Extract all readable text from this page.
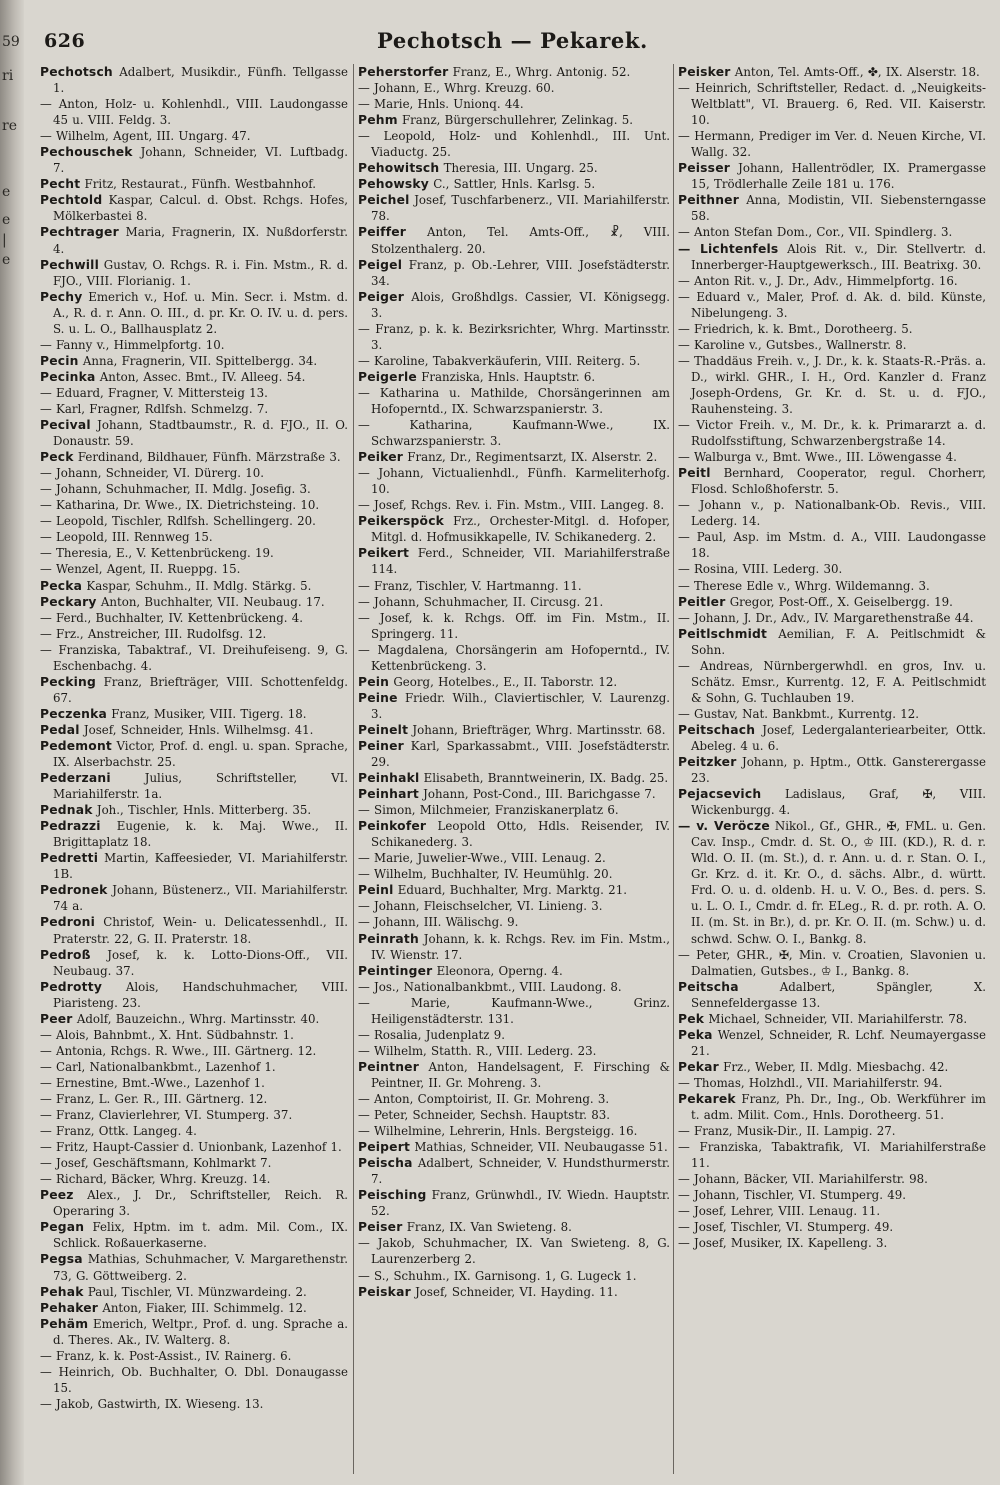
59
ri
re
e
e
|
e
626	Pechotsch — Pekarek.

Pechotsch Adalbert, Musikdir., Fünfh. Tellgasse 1.

— Anton, Holz- u. Kohlenhdl., VIII. Laudongasse 45 u. VIII. Feldg. 3.

— Wilhelm, Agent, III. Ungarg. 47.

Pechouschek Johann, Schneider, VI. Luftbadg. 7.

Pecht Fritz, Restaurat., Fünfh. Westbahnhof.

Pechtold Kaspar, Calcul. d. Obst. Rchgs. Hofes, Mölkerbastei 8.

Pechtrager Maria, Fragnerin, IX. Nußdorferstr. 4.

Pechwill Gustav, O. Rchgs. R. i. Fin. Mstm., R. d. FJO., VIII. Florianig. 1.

Pechy Emerich v., Hof. u. Min. Secr. i. Mstm. d. A., R. d. r. Ann. O. III., d. pr. Kr. O. IV. u. d. pers. S. u. L. O., Ballhausplatz 2.

— Fanny v., Himmelpfortg. 10.

Pecin Anna, Fragnerin, VII. Spittelbergg. 34.

Pecinka Anton, Assec. Bmt., IV. Alleeg. 54.

— Eduard, Fragner, V. Mittersteig 13.

— Karl, Fragner, Rdlfsh. Schmelzg. 7.

Pecival Johann, Stadtbaumstr., R. d. FJO., II. O. Donaustr. 59.

Peck Ferdinand, Bildhauer, Fünfh. Märzstraße 3.

— Johann, Schneider, VI. Dürerg. 10.

— Johann, Schuhmacher, II. Mdlg. Josefig. 3.

— Katharina, Dr. Wwe., IX. Dietrichsteing. 10.

— Leopold, Tischler, Rdlfsh. Schellingerg. 20.

— Leopold, III. Rennweg 15.

— Theresia, E., V. Kettenbrückeng. 19.

— Wenzel, Agent, II. Rueppg. 15.

Pecka Kaspar, Schuhm., II. Mdlg. Stärkg. 5.

Peckary Anton, Buchhalter, VII. Neubaug. 17.

— Ferd., Buchhalter, IV. Kettenbrückeng. 4.

— Frz., Anstreicher, III. Rudolfsg. 12.

— Franziska, Tabaktraf., VI. Dreihufeiseng. 9, G. Eschenbachg. 4.

Pecking Franz, Briefträger, VIII. Schottenfeldg. 67.

Peczenka Franz, Musiker, VIII. Tigerg. 18.

Pedal Josef, Schneider, Hnls. Wilhelmsg. 41.

Pedemont Victor, Prof. d. engl. u. span. Sprache, IX. Alserbachstr. 25.

Pederzani	Julius, Schriftsteller, VI. Mariahilferstr. 1a.

Pednak Joh., Tischler, Hnls. Mitterberg. 35.

Pedrazzi Eugenie, k. k. Maj. Wwe., II. Brigittaplatz 18.

Pedretti Martin, Kaffeesieder, VI. Mariahilferstr. 1B.

Pedronek Johann, Büstenerz., VII. Mariahilferstr. 74 a.

Pedroni Christof, Wein- u. Delicatessenhdl., II. Praterstr. 22, G. II. Praterstr. 18.

Pedroß Josef, k. k. Lotto-Dions-Off., VII. Neubaug. 37.

Pedrotty Alois, Handschuhmacher, VIII. Piaristeng. 23.

Peer Adolf, Bauzeichn., Whrg. Martinsstr. 40.

— Alois, Bahnbmt., X. Hnt. Südbahnstr. 1.

— Antonia, Rchgs. R. Wwe., III. Gärtnerg. 12.

— Carl, Nationalbankbmt., Lazenhof 1.

— Ernestine, Bmt.-Wwe., Lazenhof 1.

— Franz, L. Ger. R., III. Gärtnerg. 12.

— Franz, Clavierlehrer, VI. Stumperg. 37.

— Franz, Ottk. Langeg. 4.

— Fritz, Haupt-Cassier d. Unionbank, Lazenhof 1.

— Josef, Geschäftsmann, Kohlmarkt 7.

— Richard, Bäcker, Whrg. Kreuzg. 14.

Peez Alex., J. Dr., Schriftsteller, Reich. R. Operaring 3.

Pegan Felix, Hptm. im t. adm. Mil. Com., IX. Schlick. Roßauerkaserne.

Pegsa Mathias, Schuhmacher, V. Margarethenstr. 73, G. Göttweiberg. 2.

Pehak Paul, Tischler, VI. Münzwardeing. 2.

Pehaker Anton, Fiaker, III. Schimmelg. 12.

Pehäm Emerich, Weltpr., Prof. d. ung. Sprache a. d. Theres. Ak., IV. Walterg. 8.

— Franz, k. k. Post-Assist., IV. Rainerg. 6.

— Heinrich, Ob. Buchhalter, O. Dbl. Donaugasse 15.

— Jakob, Gastwirth, IX. Wieseng. 13.

Peherstorfer Franz, E., Whrg. Antonig. 52.

— Johann, E., Whrg. Kreuzg. 60.

— Marie, Hnls. Unionq. 44.

Pehm Franz, Bürgerschullehrer, Zelinkag. 5.

— Leopold, Holz- und Kohlenhdl., III. Unt. Viaductg. 25.

Pehowitsch Theresia, III. Ungarg. 25.

Pehowsky C., Sattler, Hnls. Karlsg. 5.

Peichel Josef, Tuschfarbenerz., VII. Mariahilferstr. 78.

Peiffer Anton, Tel. Amts-Off., ☧, VIII. Stolzenthalerg. 20.

Peigel Franz, p. Ob.-Lehrer, VIII. Josefstädterstr. 34.

Peiger Alois, Großhdlgs. Cassier, VI. Königsegg. 3.

— Franz, p. k. k. Bezirksrichter, Whrg. Martinsstr. 3.

— Karoline, Tabakverkäuferin, VIII. Reiterg. 5.

Peigerle Franziska, Hnls. Hauptstr. 6.

— Katharina u. Mathilde, Chorsängerinnen am Hofoperntd., IX. Schwarzspanierstr. 3.

— Katharina, Kaufmann-Wwe., IX. Schwarzspanierstr. 3.

Peiker Franz, Dr., Regimentsarzt, IX. Alserstr. 2.

— Johann, Victualienhdl., Fünfh. Karmeliterhofg. 10.

— Josef, Rchgs. Rev. i. Fin. Mstm., VIII. Langeg. 8.

Peikerspöck Frz., Orchester-Mitgl. d. Hofoper, Mitgl. d. Hofmusikkapelle, IV. Schikanederg. 2.

Peikert Ferd., Schneider, VII. Mariahilferstraße 114.

— Franz, Tischler, V. Hartmanng. 11.

— Johann, Schuhmacher, II. Circusg. 21.

— Josef, k. k. Rchgs. Off. im Fin. Mstm., II. Springerg. 11.

— Magdalena, Chorsängerin am Hofoperntd., IV. Kettenbrückeng. 3.

Pein Georg, Hotelbes., E., II. Taborstr. 12.

Peine Friedr. Wilh., Claviertischler, V. Laurenzg. 3.

Peinelt Johann, Briefträger, Whrg. Martinsstr. 68.

Peiner Karl, Sparkassabmt., VIII. Josefstädterstr. 29.

Peinhakl Elisabeth, Branntweinerin, IX. Badg. 25.

Peinhart Johann, Post-Cond., III. Barichgasse 7.

— Simon, Milchmeier, Franziskanerplatz 6.

Peinkofer Leopold Otto, Hdls. Reisender, IV. Schikanederg. 3.

— Marie, Juwelier-Wwe., VIII. Lenaug. 2.

— Wilhelm, Buchhalter, IV. Heumühlg. 20.

Peinl Eduard, Buchhalter, Mrg. Marktg. 21.

— Johann, Fleischselcher, VI. Linieng. 3.

— Johann, III. Wälischg. 9.

Peinrath Johann, k. k. Rchgs. Rev. im Fin. Mstm., IV. Wienstr. 17.

Peintinger Eleonora, Operng. 4.

— Jos., Nationalbankbmt., VIII. Laudong. 8.

— Marie, Kaufmann-Wwe., Grinz. Heiligenstädterstr. 131.

— Rosalia, Judenplatz 9.

— Wilhelm, Statth. R., VIII. Lederg. 23.

Peintner Anton, Handelsagent, F. Firsching & Peintner, II. Gr. Mohreng. 3.

— Anton, Comptoirist, II. Gr. Mohreng. 3.

— Peter, Schneider, Sechsh. Hauptstr. 83.

— Wilhelmine, Lehrerin, Hnls. Bergsteigg. 16.

Peipert Mathias, Schneider, VII. Neubaugasse 51.

Peischa Adalbert, Schneider, V. Hundsthurmerstr. 7.

Peisching Franz, Grünwhdl., IV. Wiedn. Hauptstr. 52.

Peiser Franz, IX. Van Swieteng. 8.

— Jakob, Schuhmacher, IX. Van Swieteng. 8, G. Laurenzerberg 2.

— S., Schuhm., IX. Garnisong. 1, G. Lugeck 1.

Peiskar Josef, Schneider, VI. Hayding. 11.

Peisker Anton, Tel. Amts-Off., ✤, IX. Alserstr. 18.

— Heinrich, Schriftsteller, Redact. d. „Neuigkeits-Weltblatt", VI. Brauerg. 6, Red. VII. Kaiserstr. 10.

— Hermann, Prediger im Ver. d. Neuen Kirche, VI. Wallg. 32.

Peisser Johann, Hallentrödler, IX. Pramergasse 15, Trödlerhalle Zeile 181 u. 176.

Peithner Anna, Modistin, VII. Siebensterngasse 58.

— Anton Stefan Dom., Cor., VII. Spindlerg. 3.

— Lichtenfels Alois Rit. v., Dir. Stellvertr. d. Innerberger-Hauptgewerksch., III. Beatrixg. 30.

— Anton Rit. v., J. Dr., Adv., Himmelpfortg. 16.

— Eduard v., Maler, Prof. d. Ak. d. bild. Künste, Nibelungeng. 3.

— Friedrich, k. k. Bmt., Dorotheerg. 5.

— Karoline v., Gutsbes., Wallnerstr. 8.

— Thaddäus Freih. v., J. Dr., k. k. Staats-R.-Präs. a. D., wirkl. GHR., I. H., Ord. Kanzler d. Franz Joseph-Ordens, Gr. Kr. d. St. u. d. FJO., Rauhensteing. 3.

— Victor Freih. v., M. Dr., k. k. Primararzt a. d. Rudolfsstiftung, Schwarzenbergstraße 14.

— Walburga v., Bmt. Wwe., III. Löwengasse 4.

Peitl Bernhard, Cooperator, regul. Chorherr, Flosd. Schloßhoferstr. 5.

— Johann v., p. Nationalbank-Ob. Revis., VIII. Lederg. 14.

— Paul, Asp. im Mstm. d. A., VIII. Laudongasse 18.

— Rosina, VIII. Lederg. 30.

— Therese Edle v., Whrg. Wildemanng. 3.

Peitler Gregor, Post-Off., X. Geiselbergg. 19.

— Johann, J. Dr., Adv., IV. Margarethenstraße 44.

Peitlschmidt Aemilian, F. A. Peitlschmidt & Sohn.

— Andreas, Nürnbergerwhdl. en gros, Inv. u. Schätz. Emsr., Kurrentg. 12, F. A. Peitlschmidt & Sohn, G. Tuchlauben 19.

— Gustav, Nat. Bankbmt., Kurrentg. 12.

Peitschach Josef, Ledergalanteriearbeiter, Ottk. Abeleg. 4 u. 6.

Peitzker Johann, p. Hptm., Ottk. Gansterergasse 23.

Pejacsevich Ladislaus, Graf, ✠, VIII. Wickenburgg. 4.

— v. Veröcze Nikol., Gf., GHR., ✠, FML. u. Gen. Cav. Insp., Cmdr. d. St. O., ♔ III. (KD.), R. d. r. Wld. O. II. (m. St.), d. r. Ann. u. d. r. Stan. O. I., Gr. Krz. d. it. Kr. O., d. sächs. Albr., d. württ. Frd. O. u. d. oldenb. H. u. V. O., Bes. d. pers. S. u. L. O. I., Cmdr. d. fr. ELeg., R. d. pr. roth. A. O. II. (m. St. in Br.), d. pr. Kr. O. II. (m. Schw.) u. d. schwd. Schw. O. I., Bankg. 8.

— Peter, GHR., ✠, Min. v. Croatien, Slavonien u. Dalmatien, Gutsbes., ♔ I., Bankg. 8.

Peitscha	Adalbert, Spängler, X. Sennefeldergasse 13.

Pek Michael, Schneider, VII. Mariahilferstr. 78.

Peka Wenzel, Schneider, R. Lchf. Neumayergasse 21.

Pekar Frz., Weber, II. Mdlg. Miesbachg. 42.

— Thomas, Holzhdl., VII. Mariahilferstr. 94.

Pekarek Franz, Ph. Dr., Ing., Ob. Werkführer im t. adm. Milit. Com., Hnls. Dorotheerg. 51.

— Franz, Musik-Dir., II. Lampig. 27.

— Franziska, Tabaktrafik, VI. Mariahilferstraße 11.

— Johann, Bäcker, VII. Mariahilferstr. 98.

— Johann, Tischler, VI. Stumperg. 49.

— Josef, Lehrer, VIII. Lenaug. 11.

— Josef, Tischler, VI. Stumperg. 49.

— Josef, Musiker, IX. Kapelleng. 3.
